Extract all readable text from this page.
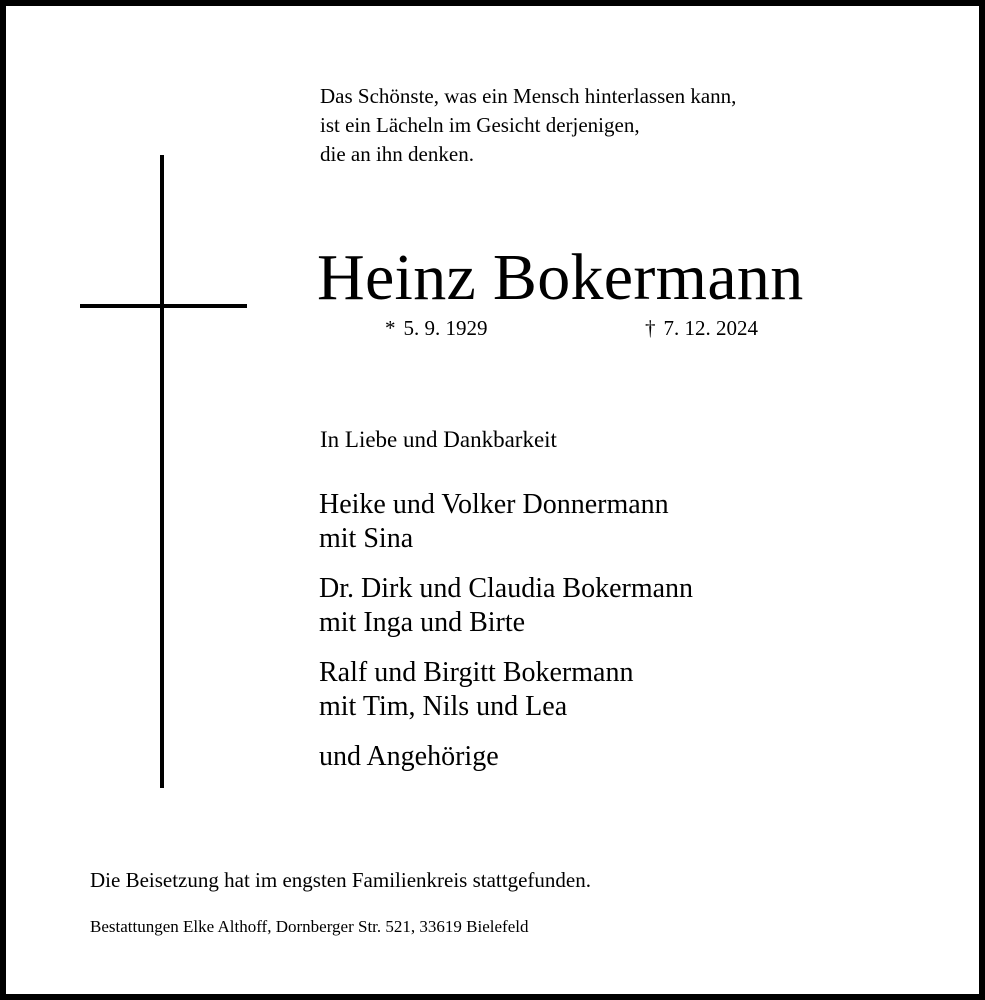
Das Schönste, was ein Mensch hinterlassen kann,
ist ein Lächeln im Gesicht derjenigen,
die an ihn denken.
Heinz Bokermann
* 5. 9. 1929	† 7. 12. 2024
In Liebe und Dankbarkeit
Heike und Volker Donnermann
mit Sina
Dr. Dirk und Claudia Bokermann
mit Inga und Birte
Ralf und Birgitt Bokermann
mit Tim, Nils und Lea
und Angehörige
Die Beisetzung hat im engsten Familienkreis stattgefunden.
Bestattungen Elke Althoff, Dornberger Str. 521, 33619 Bielefeld
